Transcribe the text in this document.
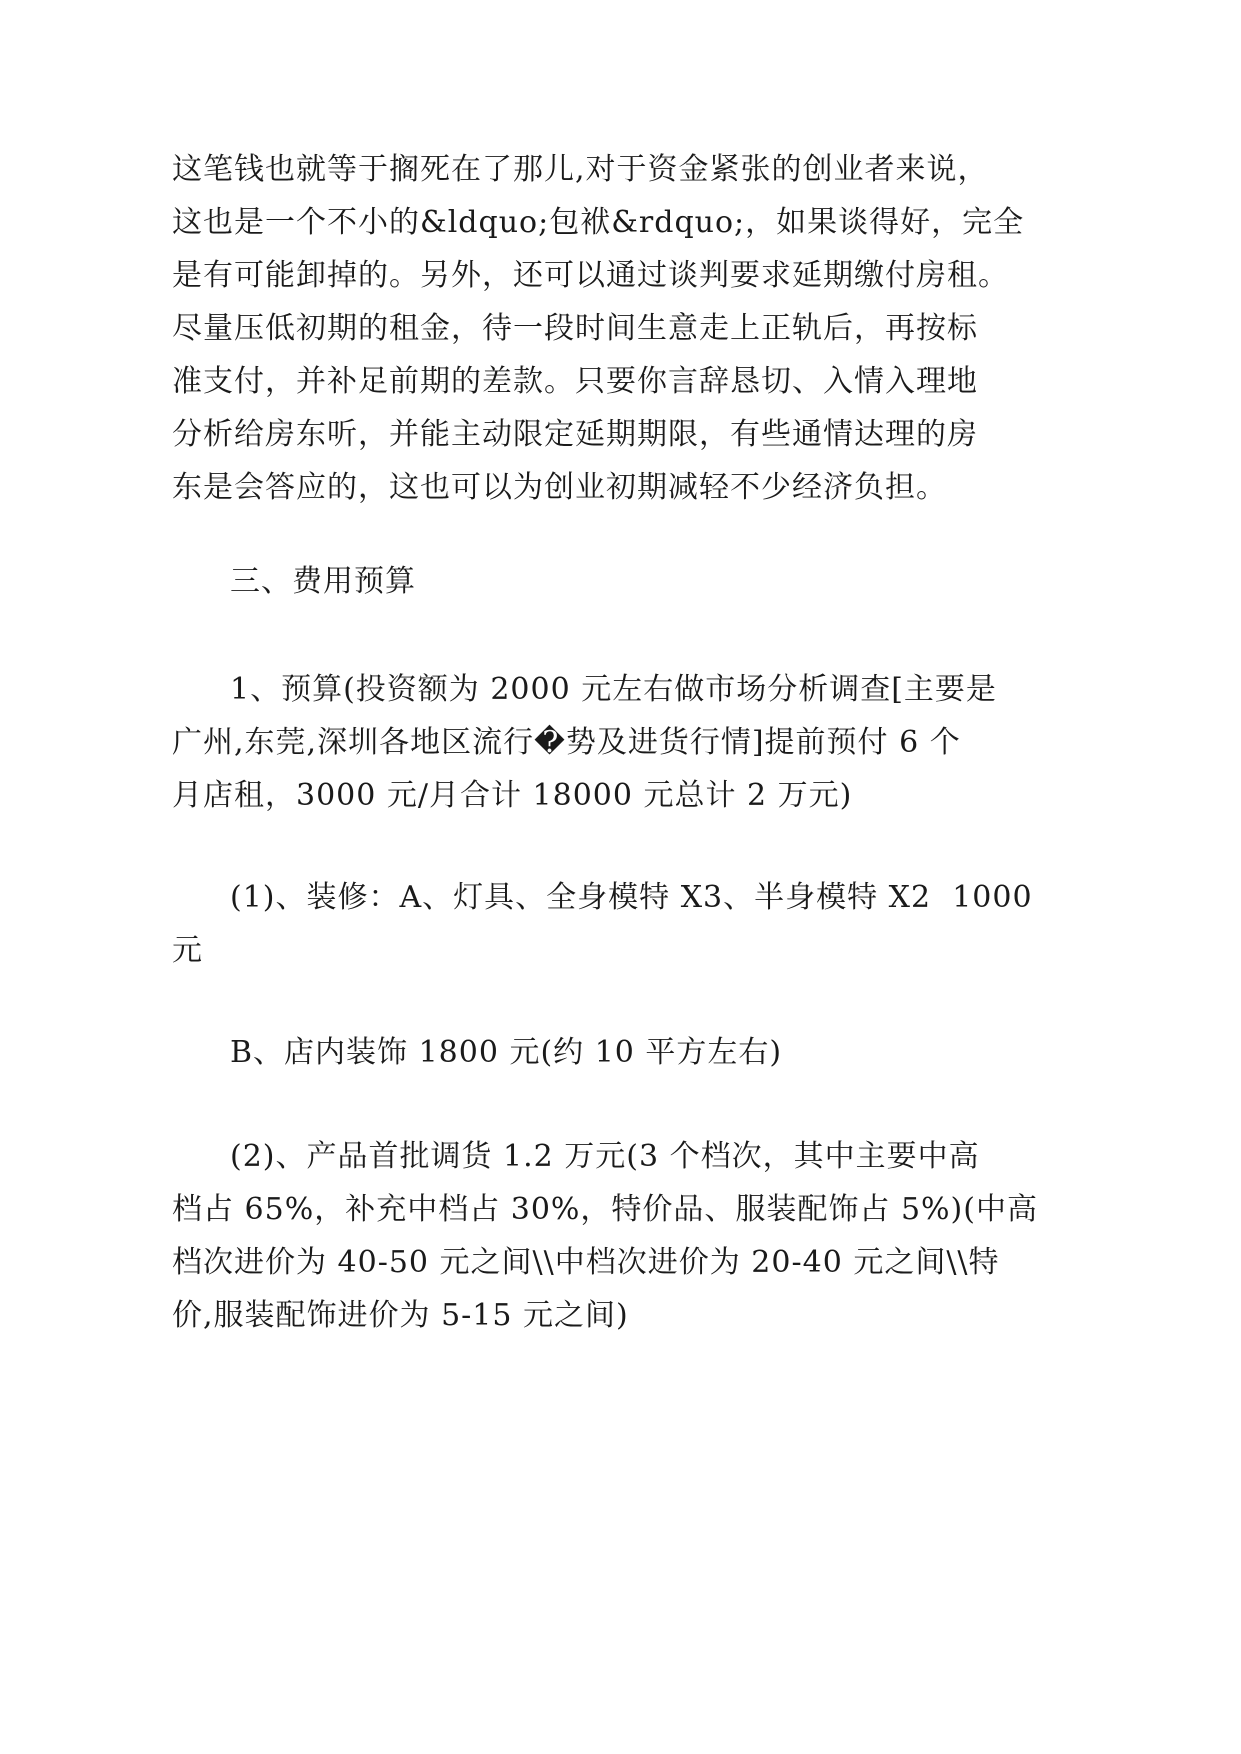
这笔钱也就等于搁死在了那儿,对于资金紧张的创业者来说，
这也是一个不小的&ldquo;包袱&rdquo;，如果谈得好，完全
是有可能卸掉的。另外，还可以通过谈判要求延期缴付房租。
尽量压低初期的租金，待一段时间生意走上正轨后，再按标
准支付，并补足前期的差款。只要你言辞恳切、入情入理地
分析给房东听，并能主动限定延期期限，有些通情达理的房
东是会答应的，这也可以为创业初期减轻不少经济负担。
三、费用预算
1、预算(投资额为 2000 元左右做市场分析调查[主要是
广州,东莞,深圳各地区流行�势及进货行情]提前预付 6 个
月店租，3000 元/月合计 18000 元总计 2 万元)
(1)、装修：A、灯具、全身模特 X3、半身模特 X2  1000
元
B、店内装饰 1800 元(约 10 平方左右)
(2)、产品首批调货 1.2 万元(3 个档次，其中主要中高
档占 65%，补充中档占 30%，特价品、服装配饰占 5%)(中高
档次进价为 40-50 元之间\\中档次进价为 20-40 元之间\\特
价,服装配饰进价为 5-15 元之间)
